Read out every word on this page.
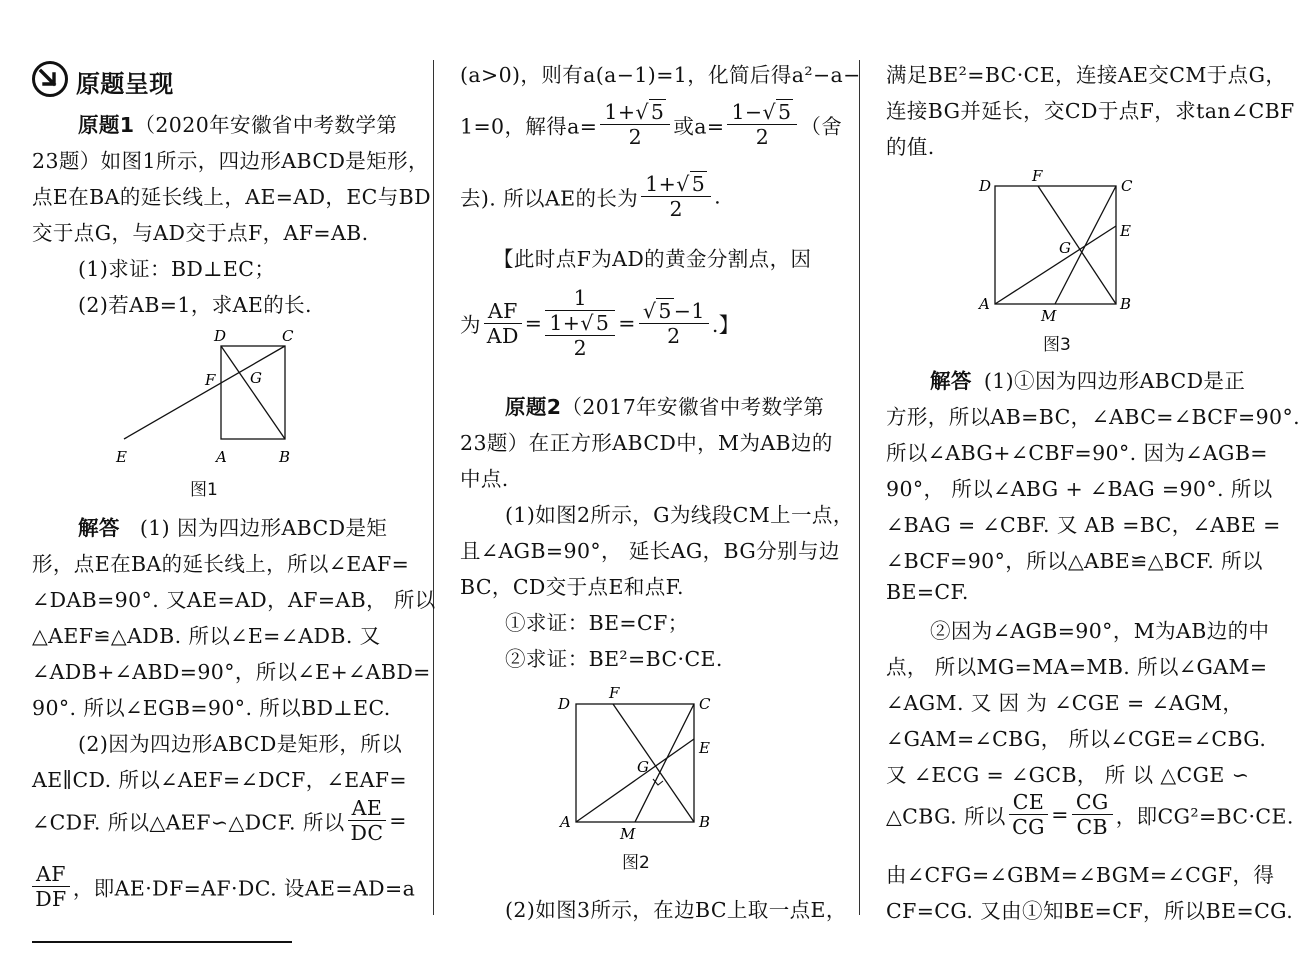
原题呈现
原题1（2020年安徽省中考数学第
23题）如图1所示，四边形ABCD是矩形，
点E在BA的延长线上，AE=AD，EC与BD
交于点G，与AD交于点F，AF=AB.
(1)求证：BD⊥EC；
(2)若AB=1，求AE的长.
D	C
F G
E	A	B
图1
解答 (1) 因为四边形ABCD是矩
形，点E在BA的延长线上，所以∠EAF=
∠DAB=90°. 又AE=AD，AF=AB， 所以
△AEF≌△ADB. 所以∠E=∠ADB. 又
∠ADB+∠ABD=90°，所以∠E+∠ABD=
90°. 所以∠EGB=90°. 所以BD⊥EC.
(2)因为四边形ABCD是矩形，所以
AE∥CD. 所以∠AEF=∠DCF，∠EAF=
∠CDF. 所以△AEF∽△DCF. 所以 $\frac{AE}{DC}$ =
$\frac{AF}{DF}$ ，即AE·DF=AF·DC. 设AE=AD=a
(a>0)，则有a(a−1)=1，化简后得a²−a−
1=0，解得$a= \frac{1+√5}{2}$ 或$a= \frac{1-√5}{2}$ （舍
去). 所以AE的长为 $\frac{1+√5}{2}$ .
【此时点F为AD的黄金分割点，因
为 $\frac{AF}{AD} = \frac{1}{\frac{1+√5}{2}} = \frac{√5-1}{2}$ .】
原题2（2017年安徽省中考数学第
23题）在正方形ABCD中，M为AB边的
中点.
(1)如图2所示，G为线段CM上一点，
且∠AGB=90°， 延长AG，BG分别与边
BC，CD交于点E和点F.
①求证：BE=CF；
②求证：BE²=BC·CE.
D
F
C
E
G
A
M
B
图2
(2)如图3所示，在边BC上取一点E，
满足BE²=BC·CE，连接AE交CM于点G，
连接BG并延长，交CD于点F，求tan∠CBF
的值.
D
F
C
E
G
A
M
B
图3
解答 (1)①因为四边形ABCD是正
方形，所以AB=BC，∠ABC=∠BCF=90°.
所以∠ABG+∠CBF=90°. 因为∠AGB=
90°， 所以∠ABG + ∠BAG =90°. 所以
∠BAG = ∠CBF. 又 AB =BC，∠ABE =
∠BCF=90°，所以△ABE≌△BCF. 所以
BE=CF.
②因为∠AGB=90°，M为AB边的中
点， 所以MG=MA=MB. 所以∠GAM=
∠AGM. 又 因 为 ∠CGE = ∠AGM，
∠GAM=∠CBG， 所以∠CGE=∠CBG.
又 ∠ECG = ∠GCB， 所 以 △CGE ∽
△CBG. 所以 $\frac{CE}{CG} = \frac{CG}{CB}$ ，即CG²=BC·CE.
由∠CFG=∠GBM=∠BGM=∠CGF，得
CF=CG. 又由①知BE=CF，所以BE=CG.
